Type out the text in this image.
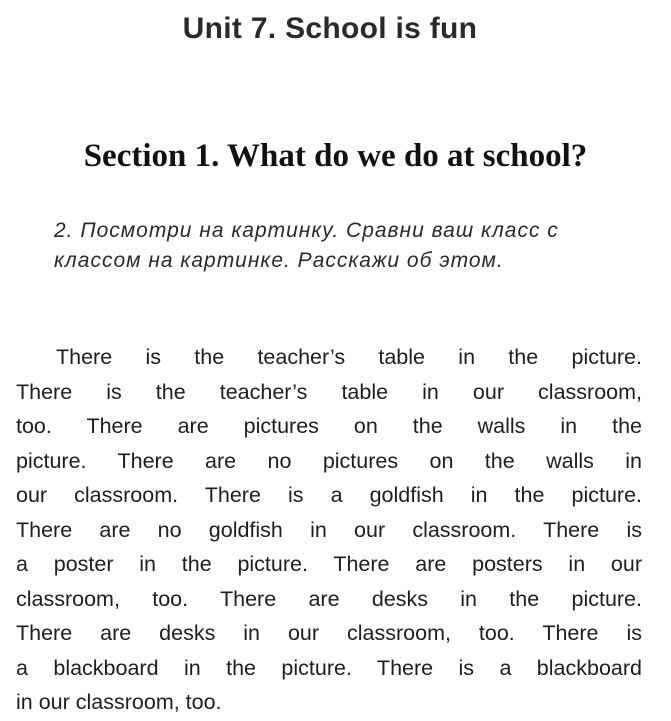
Unit 7. School is fun
Section 1. What do we do at school?
2. Посмотри на картинку. Сравни ваш класс с классом на картинке. Расскажи об этом.
There is the teacher’s table in the picture.
There is the teacher’s table in our classroom,
too. There are pictures on the walls in the
picture. There are no pictures on the walls in
our classroom. There is a goldfish in the picture.
There are no goldfish in our classroom. There is
a poster in the picture. There are posters in our
classroom, too. There are desks in the picture.
There are desks in our classroom, too. There is
a blackboard in the picture. There is a blackboard
in our classroom, too.
